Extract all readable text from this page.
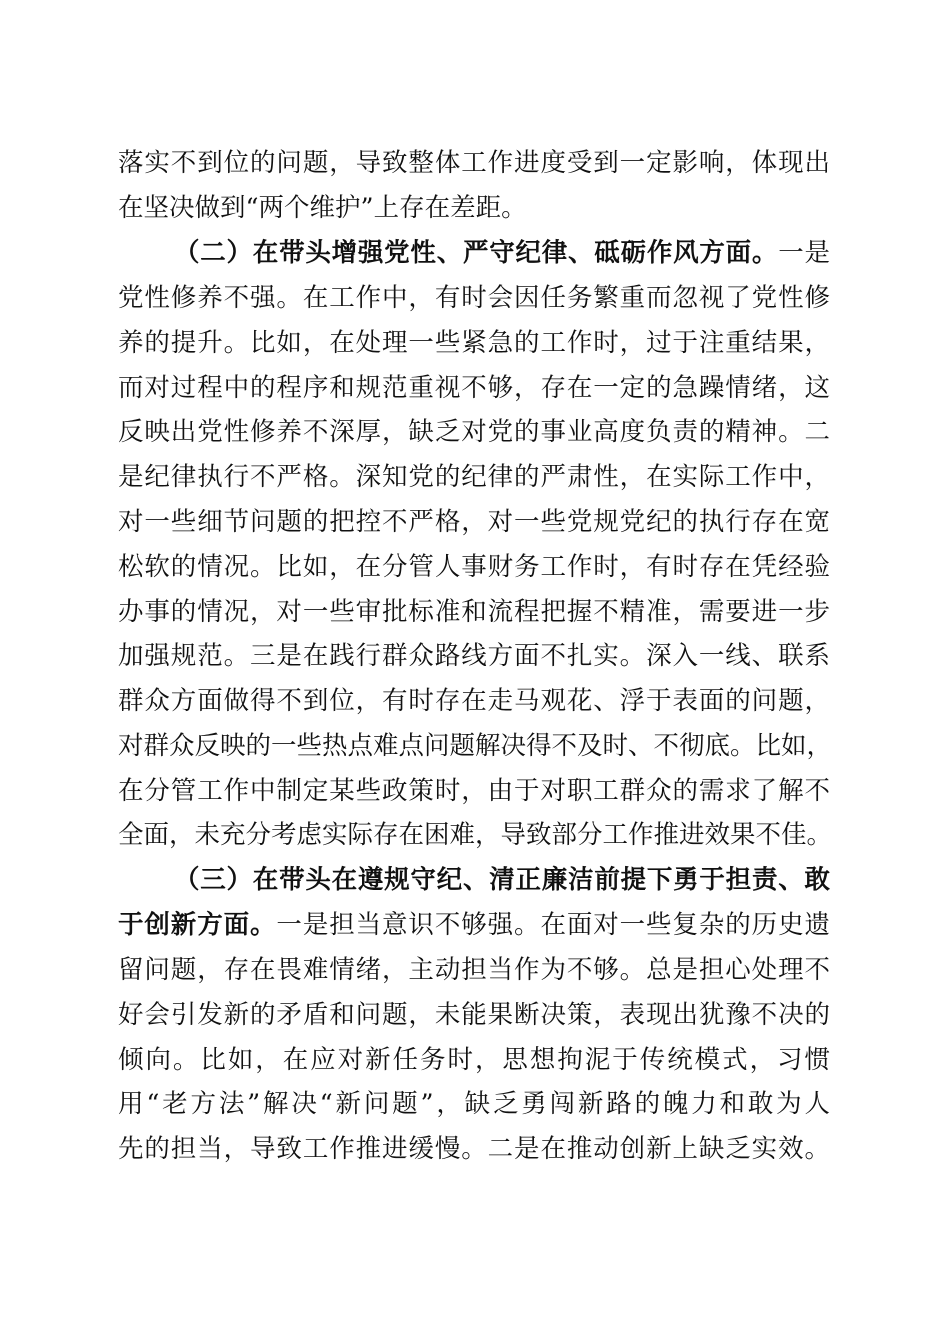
落实不到位的问题，导致整体工作进度受到一定影响，体现出
在坚决做到“两个维护”上存在差距。
（二）在带头增强党性、严守纪律、砥砺作风方面。一是
党性修养不强。在工作中，有时会因任务繁重而忽视了党性修
养的提升。比如，在处理一些紧急的工作时，过于注重结果，
而对过程中的程序和规范重视不够，存在一定的急躁情绪，这
反映出党性修养不深厚，缺乏对党的事业高度负责的精神。二
是纪律执行不严格。深知党的纪律的严肃性，在实际工作中，
对一些细节问题的把控不严格，对一些党规党纪的执行存在宽
松软的情况。比如，在分管人事财务工作时，有时存在凭经验
办事的情况，对一些审批标准和流程把握不精准，需要进一步
加强规范。三是在践行群众路线方面不扎实。深入一线、联系
群众方面做得不到位，有时存在走马观花、浮于表面的问题，
对群众反映的一些热点难点问题解决得不及时、不彻底。比如，
在分管工作中制定某些政策时，由于对职工群众的需求了解不
全面，未充分考虑实际存在困难，导致部分工作推进效果不佳。
（三）在带头在遵规守纪、清正廉洁前提下勇于担责、敢
于创新方面。一是担当意识不够强。在面对一些复杂的历史遗
留问题，存在畏难情绪，主动担当作为不够。总是担心处理不
好会引发新的矛盾和问题，未能果断决策，表现出犹豫不决的
倾向。比如，在应对新任务时，思想拘泥于传统模式，习惯
用“老方法”解决“新问题”，缺乏勇闯新路的魄力和敢为人
先的担当，导致工作推进缓慢。二是在推动创新上缺乏实效。
